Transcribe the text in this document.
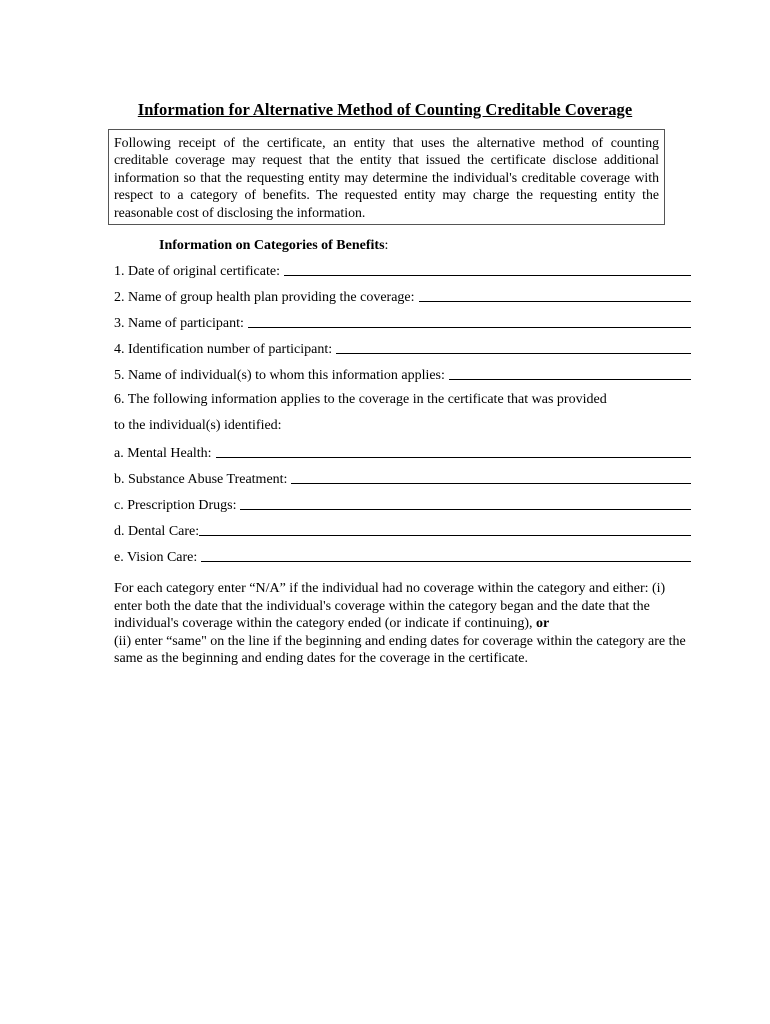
Information for Alternative Method of Counting Creditable Coverage
Following receipt of the certificate, an entity that uses the alternative method of counting creditable coverage may request that the entity that issued the certificate disclose additional information so that the requesting entity may determine the individual's creditable coverage with respect to a category of benefits. The requested entity may charge the requesting entity the reasonable cost of disclosing the information.
Information on Categories of Benefits:
1. Date of original certificate:
2. Name of group health plan providing the coverage:
3. Name of participant:
4. Identification number of participant:
5. Name of individual(s) to whom this information applies:
6. The following information applies to the coverage in the certificate that was provided
to the individual(s) identified:
a. Mental Health:
b. Substance Abuse Treatment:
c. Prescription Drugs:
d. Dental Care:
e. Vision Care:
For each category enter “N/A” if the individual had no coverage within the category and either: (i) enter both the date that the individual's coverage within the category began and the date that the individual's coverage within the category ended (or indicate if continuing), or
(ii) enter “same" on the line if the beginning and ending dates for coverage within the category are the same as the beginning and ending dates for the coverage in the certificate.
